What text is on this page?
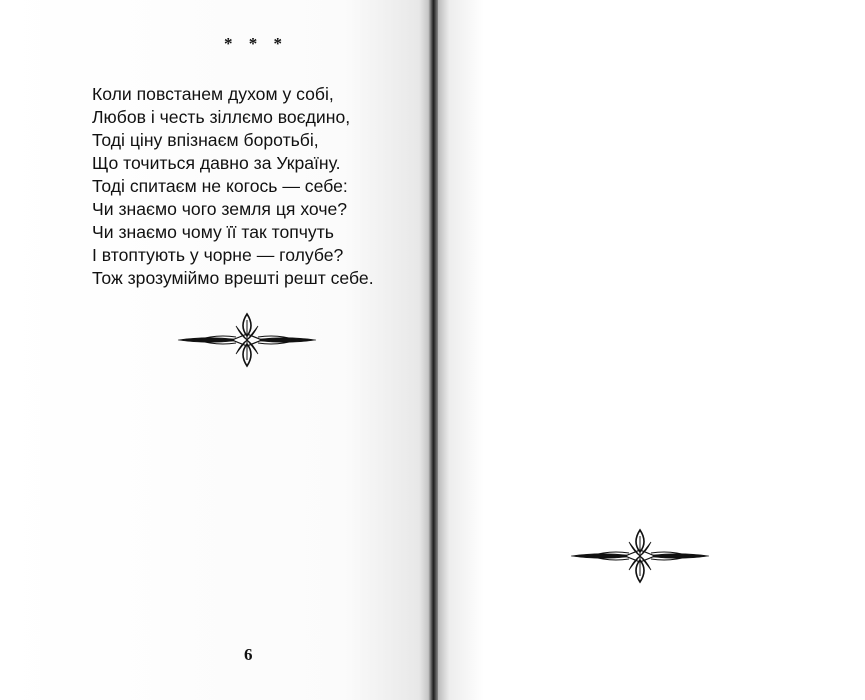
* * *
Коли повстанем духом у собі,
Любов і честь зіллємо воєдино,
Тоді ціну впізнаєм боротьбі,
Що точиться давно за Україну.
Тоді спитаєм не когось — себе:
Чи знаємо чого земля ця хоче?
Чи знаємо чому її так топчуть
І втоптують у чорне — голубе?
Тож зрозуміймо врешті решт себе.
6
